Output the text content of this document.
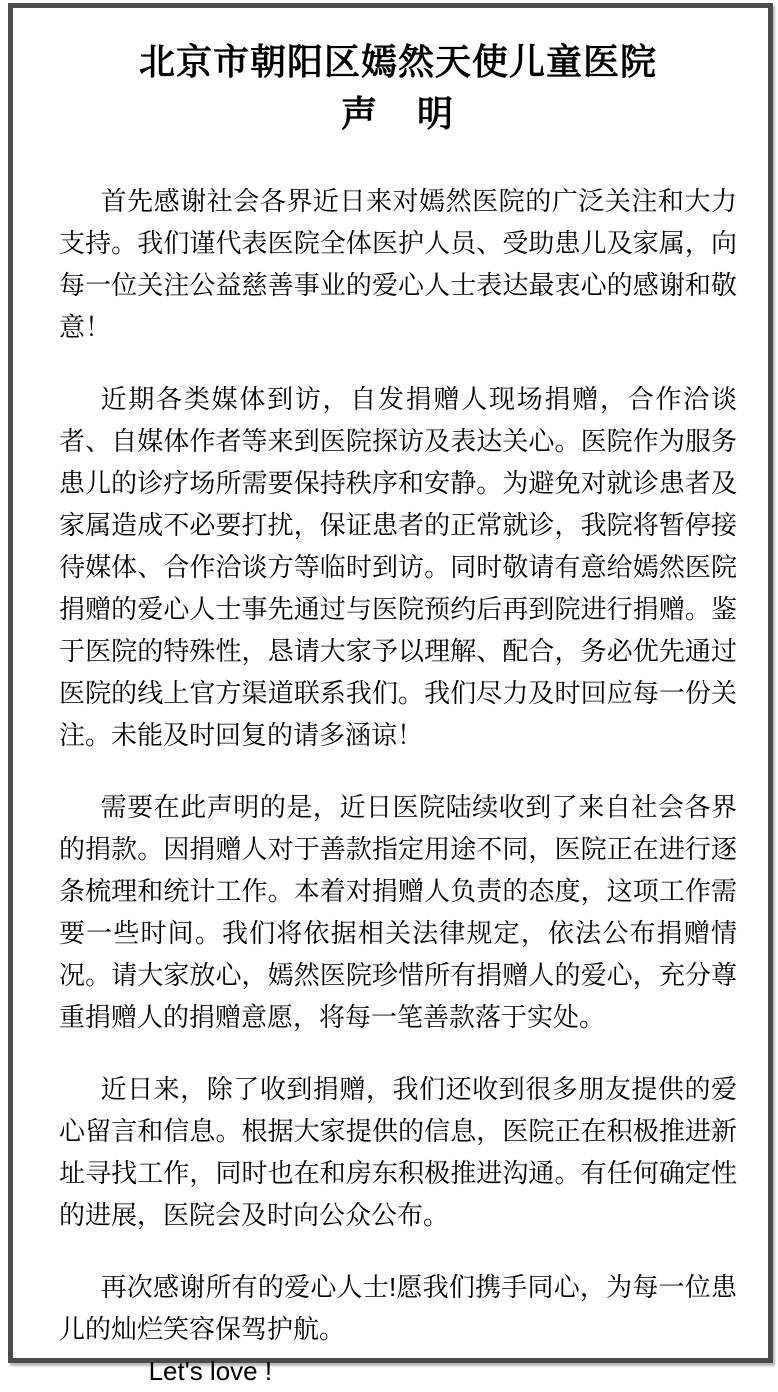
北京市朝阳区嫣然天使儿童医院
声　明

首先感谢社会各界近日来对嫣然医院的广泛关注和大力支持。我们谨代表医院全体医护人员、受助患儿及家属，向每一位关注公益慈善事业的爱心人士表达最衷心的感谢和敬意！

近期各类媒体到访，自发捐赠人现场捐赠，合作洽谈者、自媒体作者等来到医院探访及表达关心。医院作为服务患儿的诊疗场所需要保持秩序和安静。为避免对就诊患者及家属造成不必要打扰，保证患者的正常就诊，我院将暂停接待媒体、合作洽谈方等临时到访。同时敬请有意给嫣然医院捐赠的爱心人士事先通过与医院预约后再到院进行捐赠。鉴于医院的特殊性，恳请大家予以理解、配合，务必优先通过医院的线上官方渠道联系我们。我们尽力及时回应每一份关注。未能及时回复的请多涵谅！

需要在此声明的是，近日医院陆续收到了来自社会各界的捐款。因捐赠人对于善款指定用途不同，医院正在进行逐条梳理和统计工作。本着对捐赠人负责的态度，这项工作需要一些时间。我们将依据相关法律规定，依法公布捐赠情况。请大家放心，嫣然医院珍惜所有捐赠人的爱心，充分尊重捐赠人的捐赠意愿，将每一笔善款落于实处。

近日来，除了收到捐赠，我们还收到很多朋友提供的爱心留言和信息。根据大家提供的信息，医院正在积极推进新址寻找工作，同时也在和房东积极推进沟通。有任何确定性的进展，医院会及时向公众公布。

再次感谢所有的爱心人士!愿我们携手同心，为每一位患儿的灿烂笑容保驾护航。

Let's love !
